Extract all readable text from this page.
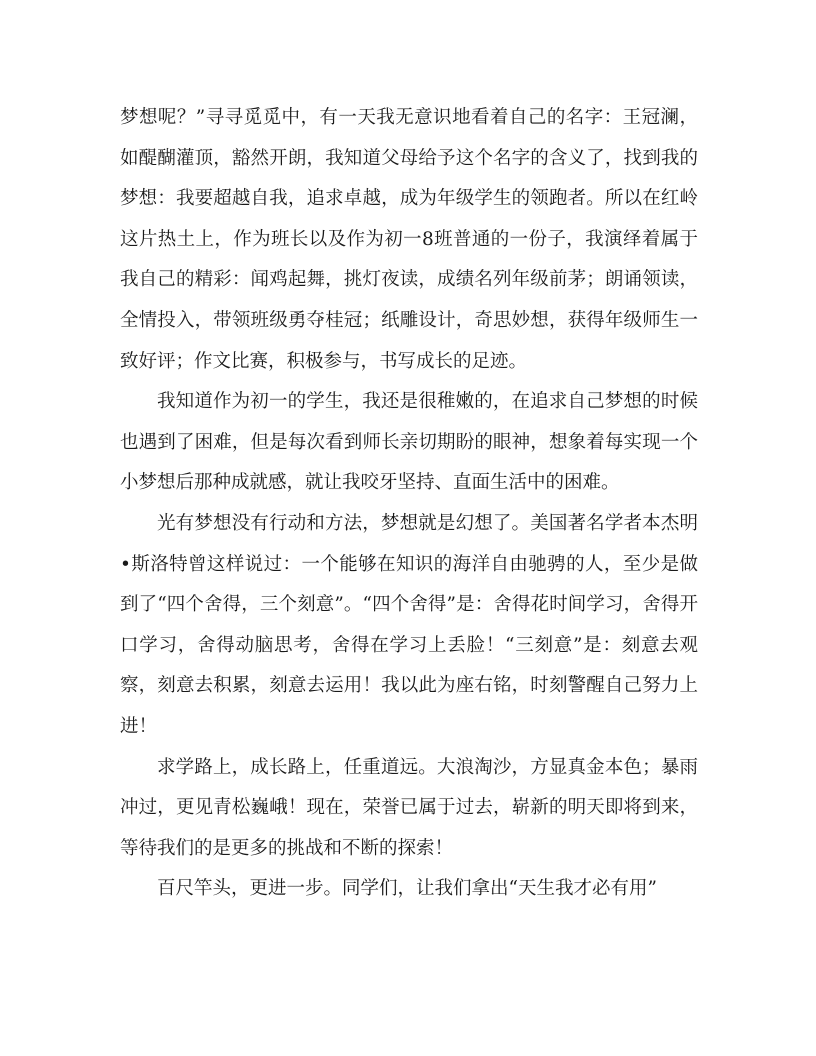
梦想呢？”寻寻觅觅中，有一天我无意识地看着自己的名字：王冠澜，如醍醐灌顶，豁然开朗，我知道父母给予这个名字的含义了，找到我的梦想：我要超越自我，追求卓越，成为年级学生的领跑者。所以在红岭这片热土上，作为班长以及作为初一8班普通的一份子，我演绎着属于我自己的精彩：闻鸡起舞，挑灯夜读，成绩名列年级前茅；朗诵领读，全情投入，带领班级勇夺桂冠；纸雕设计，奇思妙想，获得年级师生一致好评；作文比赛，积极参与，书写成长的足迹。

我知道作为初一的学生，我还是很稚嫩的，在追求自己梦想的时候也遇到了困难，但是每次看到师长亲切期盼的眼神，想象着每实现一个小梦想后那种成就感，就让我咬牙坚持、直面生活中的困难。

光有梦想没有行动和方法，梦想就是幻想了。美国著名学者本杰明•斯洛特曾这样说过：一个能够在知识的海洋自由驰骋的人，至少是做到了“四个舍得，三个刻意”。“四个舍得”是：舍得花时间学习，舍得开口学习，舍得动脑思考，舍得在学习上丢脸！“三刻意”是：刻意去观察，刻意去积累，刻意去运用！我以此为座右铭，时刻警醒自己努力上进！

求学路上，成长路上，任重道远。大浪淘沙，方显真金本色；暴雨冲过，更见青松巍峨！现在，荣誉已属于过去，崭新的明天即将到来，等待我们的是更多的挑战和不断的探索！

百尺竿头，更进一步。同学们，让我们拿出“天生我才必有用”
